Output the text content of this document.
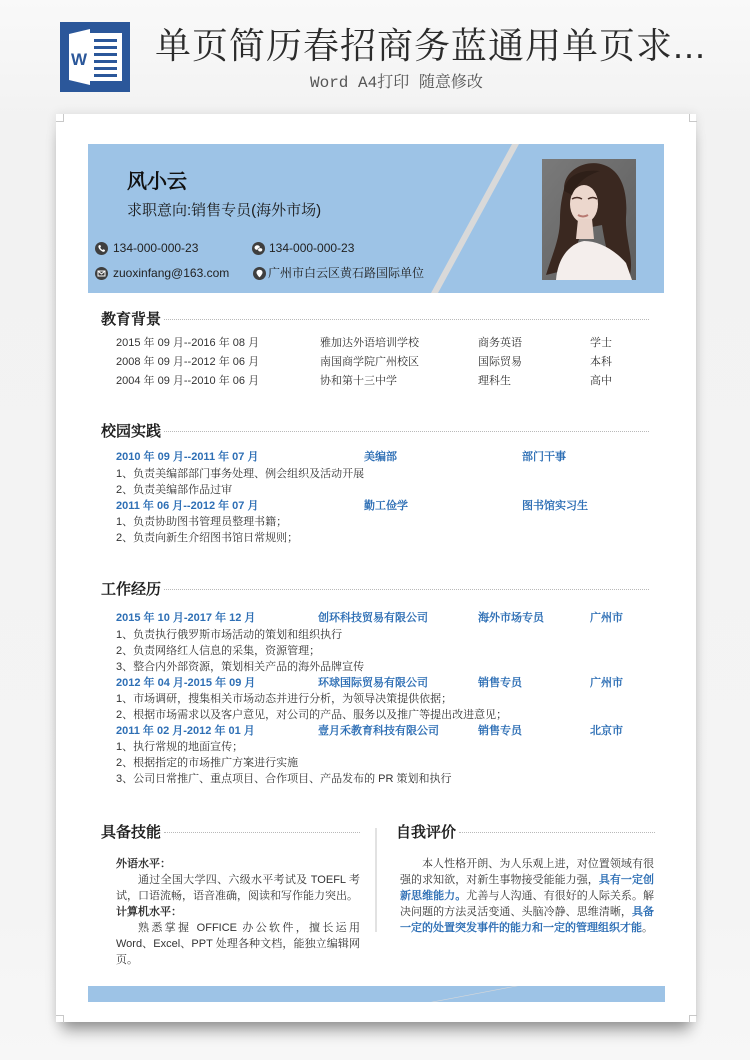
W 单页简历春招商务蓝通用单页求...
Word A4打印 随意修改
风小云
求职意向:销售专员(海外市场)
134-000-000-23	134-000-000-23
zuoxinfang@163.com	广州市白云区黄石路国际单位
教育背景
2015 年 09 月--2016 年 08 月	雅加达外语培训学校	商务英语	学士
2008 年 09 月--2012 年 06 月	南国商学院广州校区	国际贸易	本科
2004 年 09 月--2010 年 06 月	协和第十三中学	理科生	高中
校园实践
2010 年 09 月--2011 年 07 月	美编部	部门干事
1、负责美编部部门事务处理、例会组织及活动开展
2、负责美编部作品过审
2011 年 06 月--2012 年 07 月	勤工俭学	图书馆实习生
1、负责协助图书管理员整理书籍；
2、负责向新生介绍图书馆日常规则；
工作经历
2015 年 10 月-2017 年 12 月	创环科技贸易有限公司	海外市场专员	广州市
1、负责执行俄罗斯市场活动的策划和组织执行
2、负责网络红人信息的采集，资源管理；
3、整合内外部资源，策划相关产品的海外品牌宣传
2012 年 04 月-2015 年 09 月	环球国际贸易有限公司	销售专员	广州市
1、市场调研，搜集相关市场动态并进行分析，为领导决策提供依据；
2、根据市场需求以及客户意见，对公司的产品、服务以及推广等提出改进意见；
2011 年 02 月-2012 年 01 月	壹月禾教育科技有限公司	销售专员	北京市
1、执行常规的地面宣传；
2、根据指定的市场推广方案进行实施
3、公司日常推广、重点项目、合作项目、产品发布的 PR 策划和执行
具备技能
外语水平：
通过全国大学四、六级水平考试及 TOEFL 考试，口语流畅，语音准确，阅读和写作能力突出。
计算机水平：
熟悉掌握 OFFICE 办公软件，擅长运用 Word、Excel、PPT 处理各种文档，能独立编辑网页。
自我评价
本人性格开朗、为人乐观上进，对位置领域有很强的求知欲，对新生事物接受能能力强，具有一定创新思维能力。尤善与人沟通、有很好的人际关系。解决问题的方法灵活变通、头脑冷静、思维清晰，具备一定的处置突发事件的能力和一定的管理组织才能。
